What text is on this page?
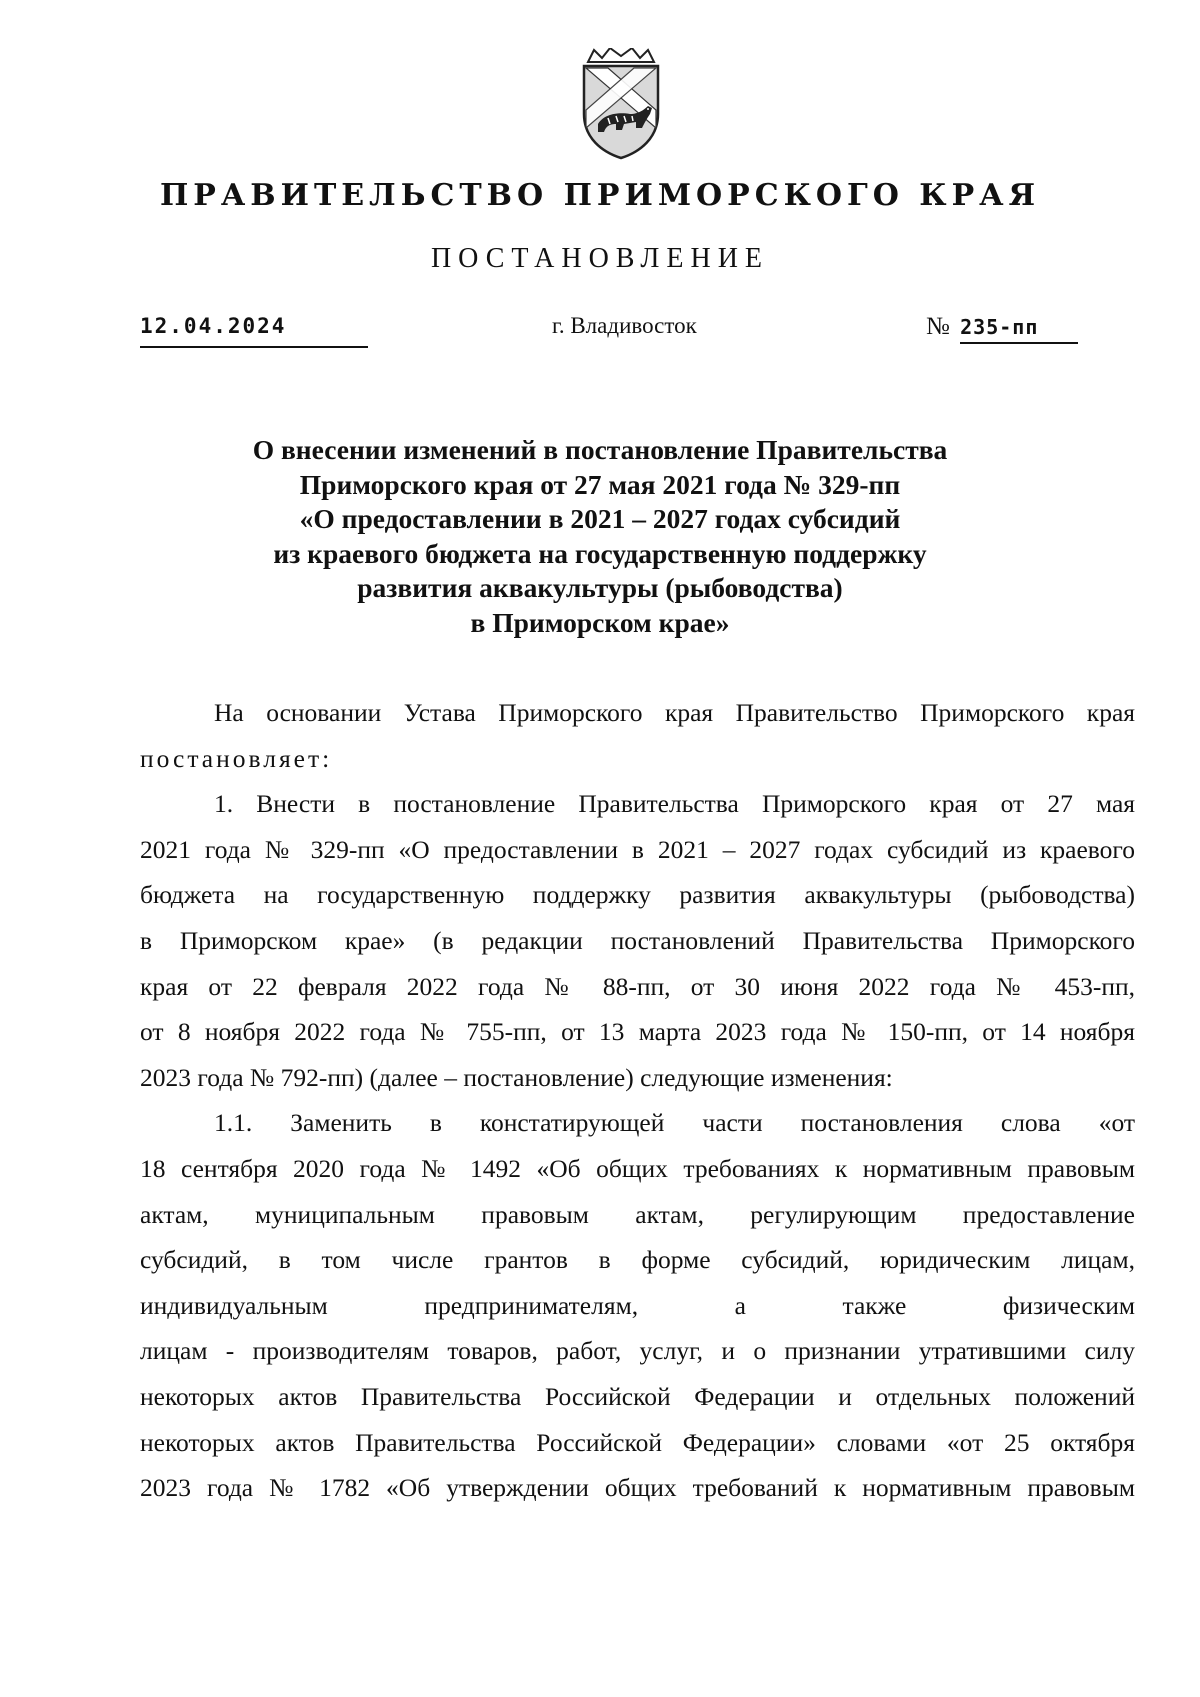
ПРАВИТЕЛЬСТВО ПРИМОРСКОГО КРАЯ
ПОСТАНОВЛЕНИЕ
12.04.2024	г. Владивосток	№ 235-пп
О внесении изменений в постановление Правительства
Приморского края от 27 мая 2021 года № 329-пп
«О предоставлении в 2021 – 2027 годах субсидий
из краевого бюджета на государственную поддержку
развития аквакультуры (рыбоводства)
в Приморском крае»
На основании Устава Приморского края Правительство Приморского края
постановляет:
1. Внести в постановление Правительства Приморского края от 27 мая
2021 года № 329-пп «О предоставлении в 2021 – 2027 годах субсидий из краевого
бюджета на государственную поддержку развития аквакультуры (рыбоводства)
в Приморском крае» (в редакции постановлений Правительства Приморского
края от 22 февраля 2022 года № 88-пп, от 30 июня 2022 года № 453-пп,
от 8 ноября 2022 года № 755-пп, от 13 марта 2023 года № 150-пп, от 14 ноября
2023 года № 792-пп) (далее – постановление) следующие изменения:
1.1. Заменить в констатирующей части постановления слова «от
18 сентября 2020 года № 1492 «Об общих требованиях к нормативным правовым
актам, муниципальным правовым актам, регулирующим предоставление
субсидий, в том числе грантов в форме субсидий, юридическим лицам,
индивидуальным предпринимателям, а также физическим
лицам - производителям товаров, работ, услуг, и о признании утратившими силу
некоторых актов Правительства Российской Федерации и отдельных положений
некоторых актов Правительства Российской Федерации» словами «от 25 октября
2023 года № 1782 «Об утверждении общих требований к нормативным правовым
